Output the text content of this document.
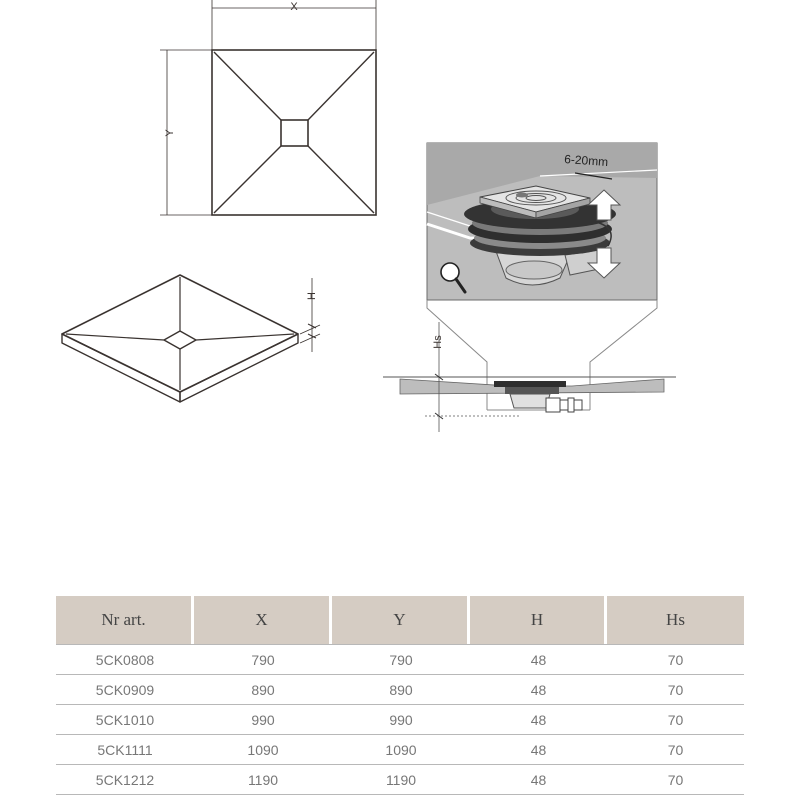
X
Y
H
6-20mm
Hs
Nr art.	X	Y	H	Hs
5CK0808	790	790	48	70
5CK0909	890	890	48	70
5CK1010	990	990	48	70
5CK1111	1090	1090	48	70
5CK1212	1190	1190	48	70
